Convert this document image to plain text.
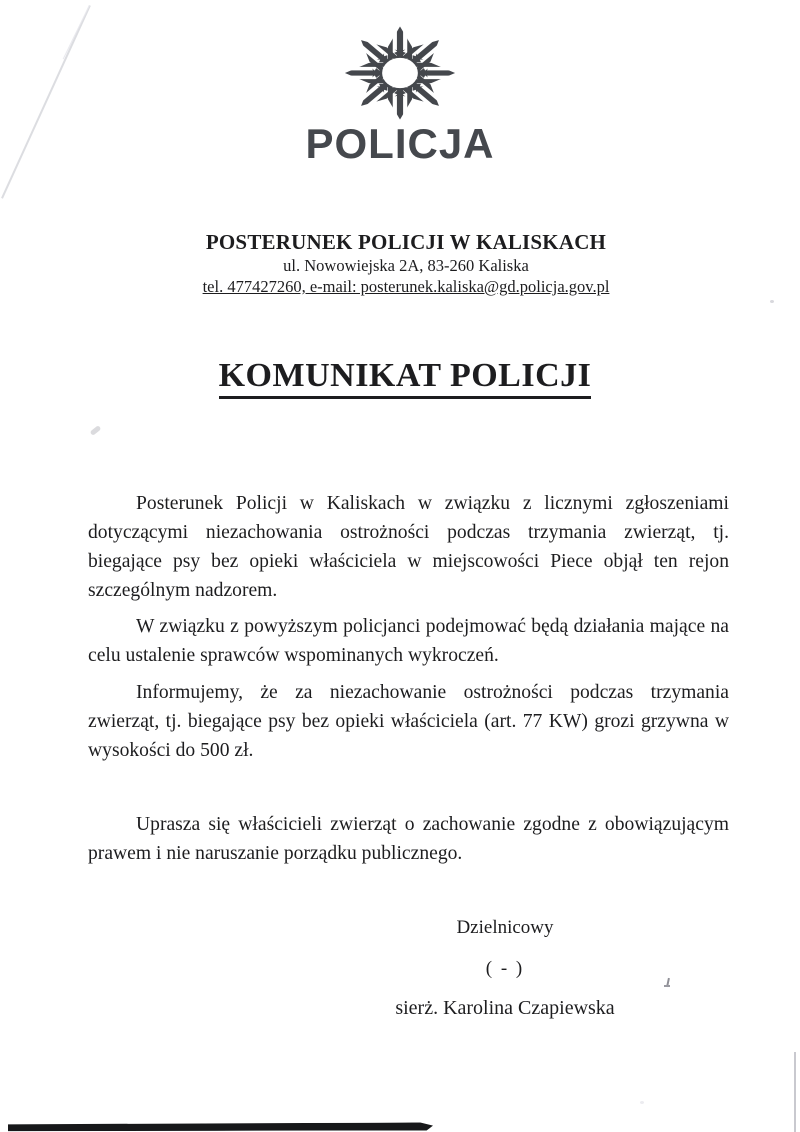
POLICJA
POSTERUNEK POLICJI W KALISKACH
ul. Nowowiejska 2A, 83-260 Kaliska
tel. 477427260, e-mail: posterunek.kaliska@gd.policja.gov.pl
KOMUNIKAT POLICJI

Posterunek Policji w Kaliskach w związku z licznymi zgłoszeniami dotyczącymi niezachowania ostrożności podczas trzymania zwierząt, tj. biegające psy bez opieki właściciela w miejscowości Piece objął ten rejon szczególnym nadzorem.

W związku z powyższym policjanci podejmować będą działania mające na celu ustalenie sprawców wspominanych wykroczeń.

Informujemy, że za niezachowanie ostrożności podczas trzymania zwierząt, tj. biegające psy bez opieki właściciela (art. 77 KW) grozi grzywna w wysokości do 500 zł.

Uprasza się właścicieli zwierząt o zachowanie zgodne z obowiązującym prawem i nie naruszanie porządku publicznego.

Dzielnicowy
( - )
sierż. Karolina Czapiewska
